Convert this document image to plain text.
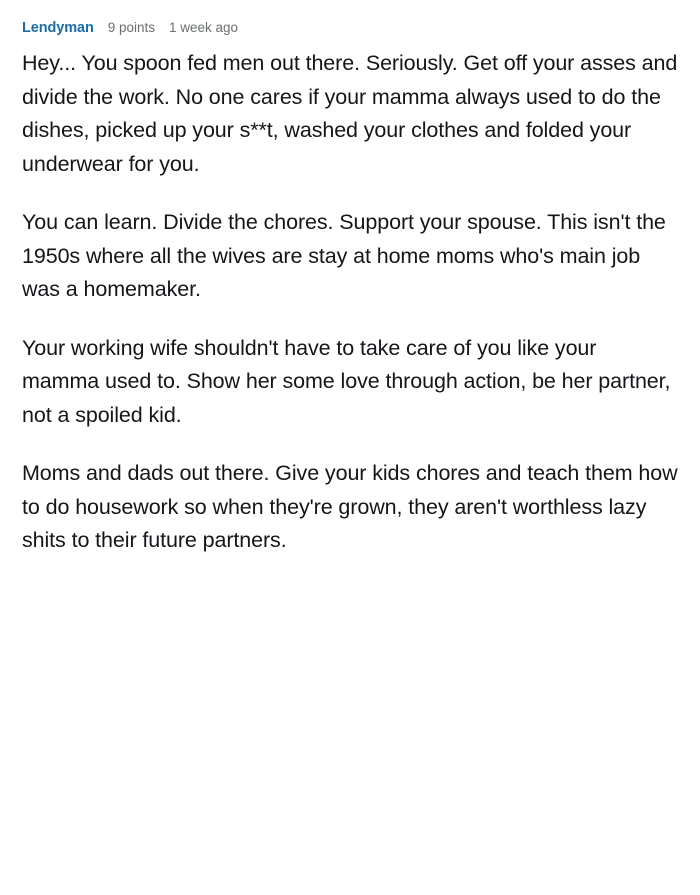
Lendyman 9 points 1 week ago

Hey... You spoon fed men out there. Seriously. Get off your asses and divide the work. No one cares if your mamma always used to do the dishes, picked up your s**t, washed your clothes and folded your underwear for you.

You can learn. Divide the chores. Support your spouse. This isn't the 1950s where all the wives are stay at home moms who's main job was a homemaker.

Your working wife shouldn't have to take care of you like your mamma used to. Show her some love through action, be her partner, not a spoiled kid.

Moms and dads out there. Give your kids chores and teach them how to do housework so when they're grown, they aren't worthless lazy shits to their future partners.
